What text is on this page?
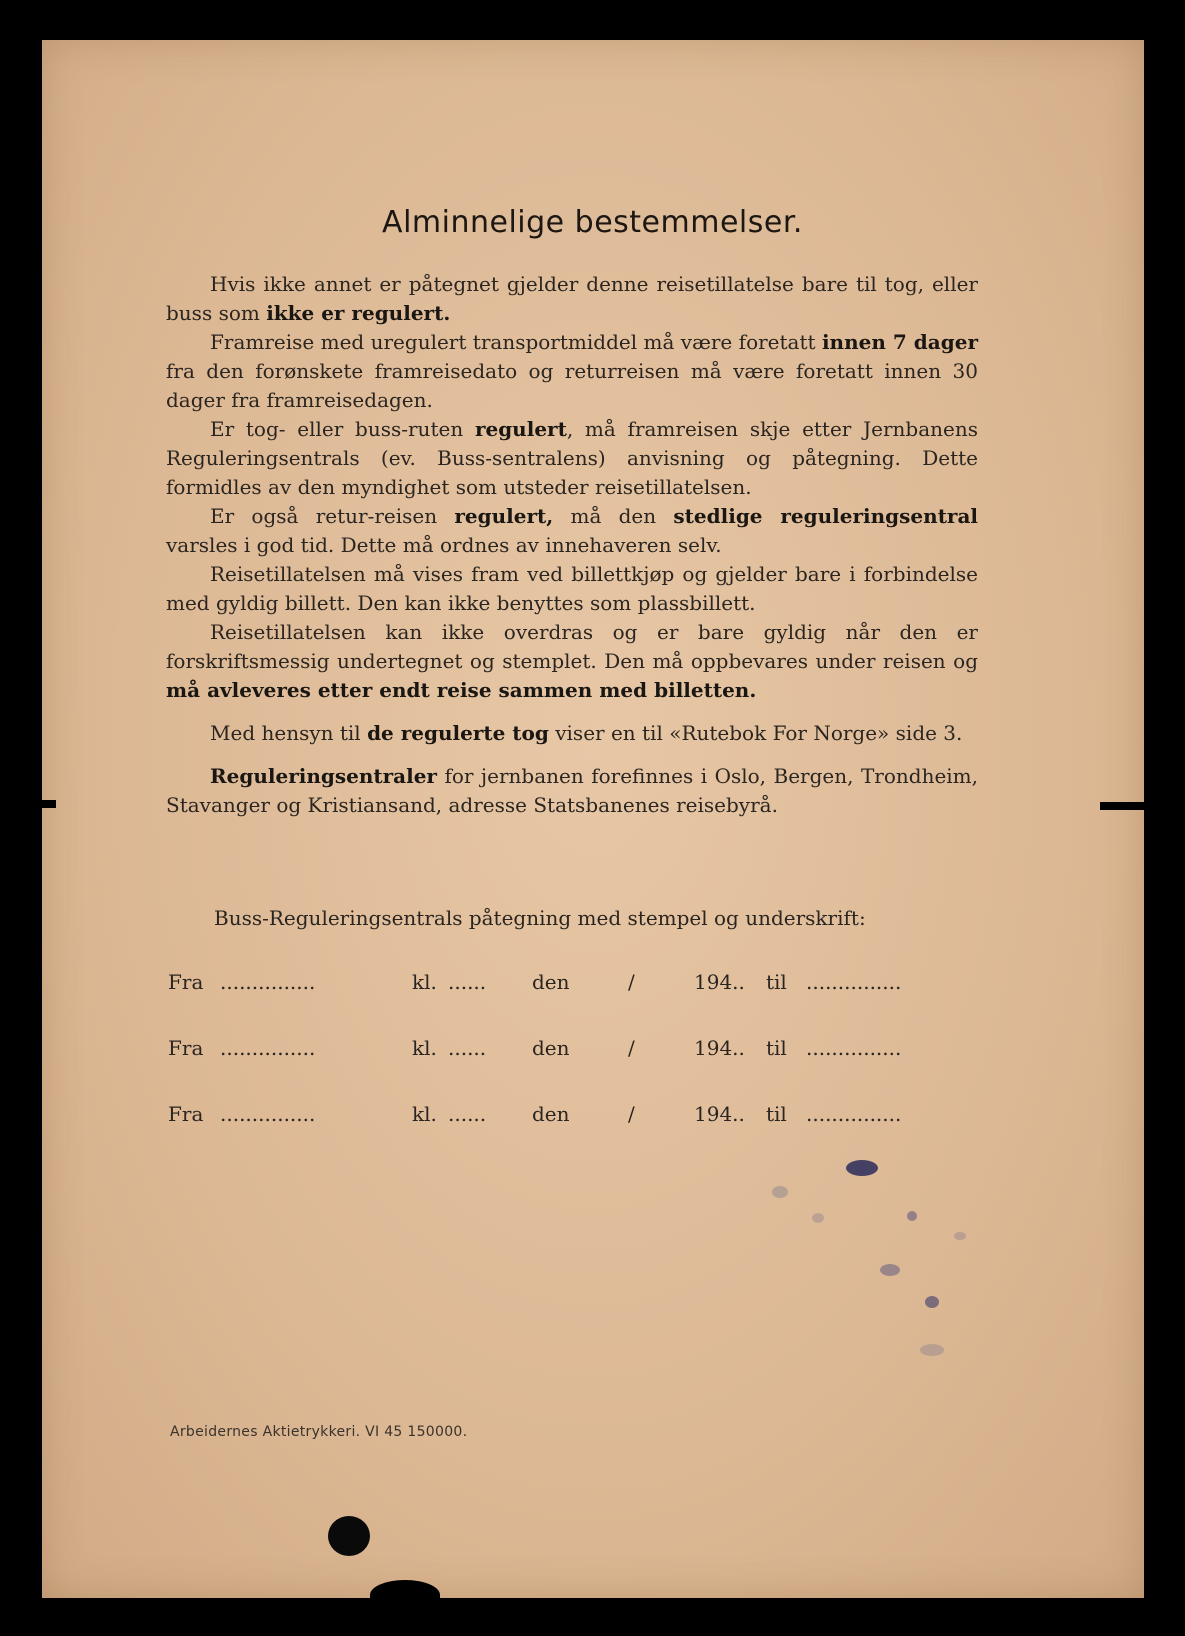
Alminnelige bestemmelser.

Hvis ikke annet er påtegnet gjelder denne reisetillatelse bare til tog, eller buss som ikke er regulert.

Framreise med uregulert transportmiddel må være foretatt innen 7 dager fra den forønskete framreisedato og returreisen må være foretatt innen 30 dager fra framreisedagen.

Er tog- eller buss-ruten regulert, må framreisen skje etter Jernbanens Reguleringsentrals (ev. Buss-sentralens) anvisning og påtegning. Dette formidles av den myndighet som utsteder reisetillatelsen.

Er også retur-reisen regulert, må den stedlige reguleringsentral varsles i god tid. Dette må ordnes av innehaveren selv.

Reisetillatelsen må vises fram ved billettkjøp og gjelder bare i forbindelse med gyldig billett. Den kan ikke benyttes som plassbillett.

Reisetillatelsen kan ikke overdras og er bare gyldig når den er forskriftsmessig undertegnet og stemplet. Den må oppbevares under reisen og må avleveres etter endt reise sammen med billetten.

Med hensyn til de regulerte tog viser en til «Rutebok For Norge» side 3.

Reguleringsentraler for jernbanen forefinnes i Oslo, Bergen, Trondheim, Stavanger og Kristiansand, adresse Statsbanenes reisebyrå.

Buss-Reguleringsentrals påtegning med stempel og underskrift:
Fra ...............	kl. ...... den	/	194.. til ...............
Fra ...............	kl. ...... den	/	194.. til ...............
Fra ...............	kl. ...... den	/	194.. til ...............
Arbeidernes Aktietrykkeri. VI 45 150000.
